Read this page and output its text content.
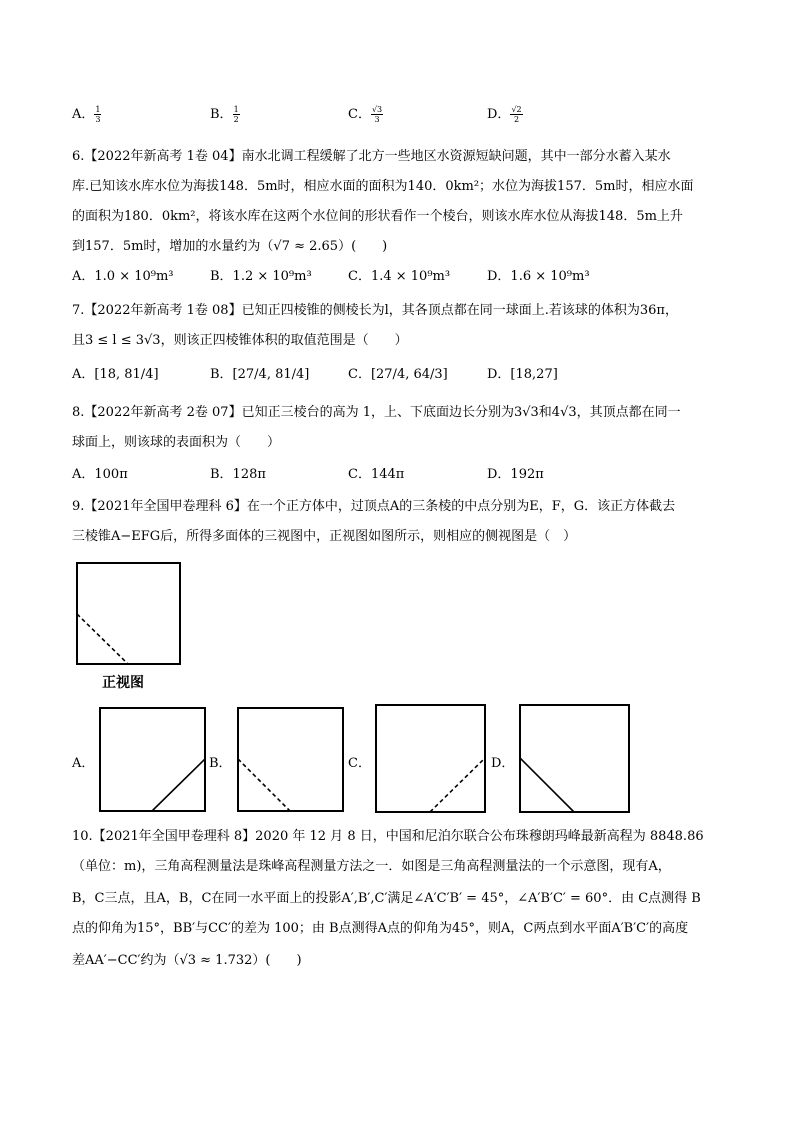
A． $\frac{1}{3}$	B． $\frac{1}{2}$	C． $\frac{√3}{3}$	D． $\frac{√2}{2}$
6.【2022年新高考 1卷 04】南水北调工程缓解了北方一些地区水资源短缺问题，其中一部分水蓄入某水
库.已知该水库水位为海拔148．5m时，相应水面的面积为140．0km²；水位为海拔157．5m时，相应水面
的面积为180．0km²，将该水库在这两个水位间的形状看作一个棱台，则该水库水位从海拔148．5m上升
到157．5m时，增加的水量约为（√7 ≈ 2.65）(　　)
A．1.0 × 10⁹m³	B．1.2 × 10⁹m³	C．1.4 × 10⁹m³	D．1.6 × 10⁹m³
7.【2022年新高考 1卷 08】已知正四棱锥的侧棱长为l，其各顶点都在同一球面上.若该球的体积为36π，
且3 ≤ l ≤ 3√3，则该正四棱锥体积的取值范围是（　　）
A．[18, 81/4]	B．[27/4, 81/4]	C．[27/4, 64/3]	D．[18,27]
8.【2022年新高考 2卷 07】已知正三棱台的高为 1，上、下底面边长分别为3√3和4√3，其顶点都在同一
球面上，则该球的表面积为（　　）
A．100π	B．128π	C．144π	D．192π
9.【2021年全国甲卷理科 6】在一个正方体中，过顶点A的三条棱的中点分别为E，F，G．该正方体截去
三棱锥A−EFG后，所得多面体的三视图中，正视图如图所示，则相应的侧视图是（　）
正视图
A．	B．	C．	D．
10.【2021年全国甲卷理科 8】2020 年 12 月 8 日，中国和尼泊尔联合公布珠穆朗玛峰最新高程为 8848.86
（单位：m)，三角高程测量法是珠峰高程测量方法之一．如图是三角高程测量法的一个示意图，现有A，
B，C三点，且A，B，C在同一水平面上的投影A′,B′,C′满足∠A′C′B′ = 45°，∠A′B′C′ = 60°．由 C点测得 B
点的仰角为15°，BB′与CC′的差为 100；由 B点测得A点的仰角为45°，则A，C两点到水平面A′B′C′的高度
差AA′−CC′约为（√3 ≈ 1.732）(　　)
